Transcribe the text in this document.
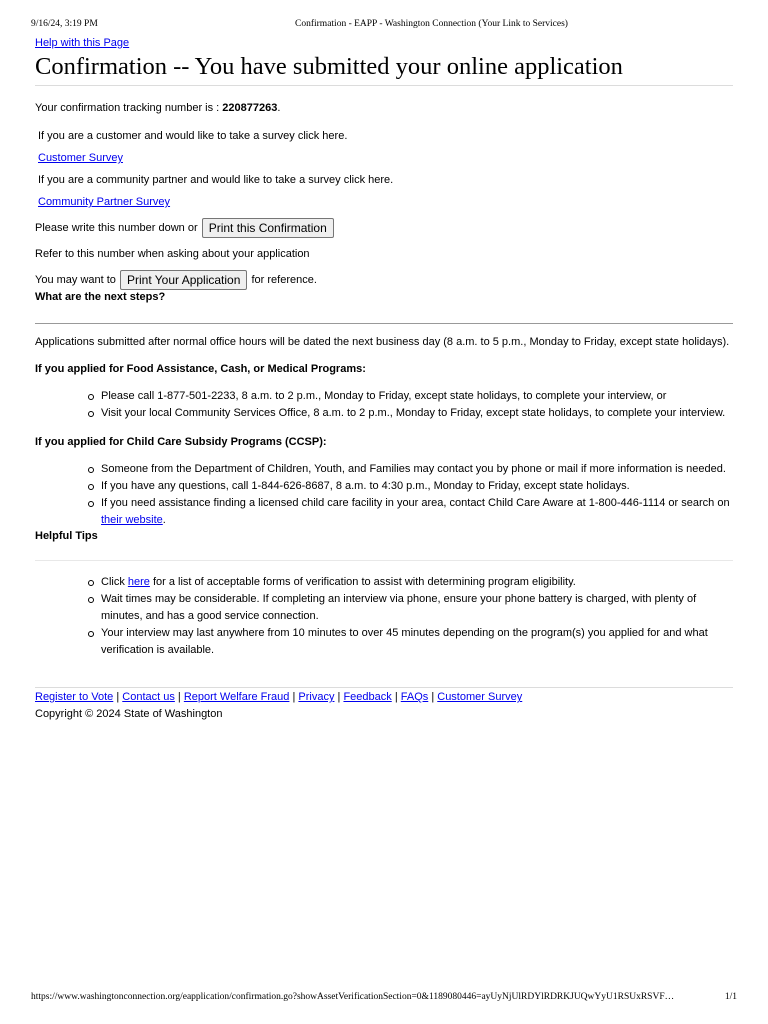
9/16/24, 3:19 PM	Confirmation - EAPP - Washington Connection (Your Link to Services)
Help with this Page
Confirmation -- You have submitted your online application

Your confirmation tracking number is : 220877263.

If you are a customer and would like to take a survey click here.

Customer Survey

If you are a community partner and would like to take a survey click here.

Community Partner Survey

Please write this number down or Print this Confirmation

Refer to this number when asking about your application

You may want to Print Your Application for reference.

What are the next steps?

Applications submitted after normal office hours will be dated the next business day (8 a.m. to 5 p.m., Monday to Friday, except state holidays).

If you applied for Food Assistance, Cash, or Medical Programs:

Please call 1-877-501-2233, 8 a.m. to 2 p.m., Monday to Friday, except state holidays, to complete your interview, or
Visit your local Community Services Office, 8 a.m. to 2 p.m., Monday to Friday, except state holidays, to complete your interview.

If you applied for Child Care Subsidy Programs (CCSP):

Someone from the Department of Children, Youth, and Families may contact you by phone or mail if more information is needed.
If you have any questions, call 1-844-626-8687, 8 a.m. to 4:30 p.m., Monday to Friday, except state holidays.
If you need assistance finding a licensed child care facility in your area, contact Child Care Aware at 1-800-446-1114 or search on their website.
Helpful Tips
Click here for a list of acceptable forms of verification to assist with determining program eligibility.
Wait times may be considerable. If completing an interview via phone, ensure your phone battery is charged, with plenty of minutes, and has a good service connection.
Your interview may last anywhere from 10 minutes to over 45 minutes depending on the program(s) you applied for and what verification is available.
Register to Vote | Contact us | Report Welfare Fraud | Privacy | Feedback | FAQs | Customer Survey
Copyright © 2024 State of Washington
https://www.washingtonconnection.org/eapplication/confirmation.go?showAssetVerificationSection=0&1189080446=ayUyNjUlRDYlRDRKJUQwYyU1RSUxRSVF…	1/1
